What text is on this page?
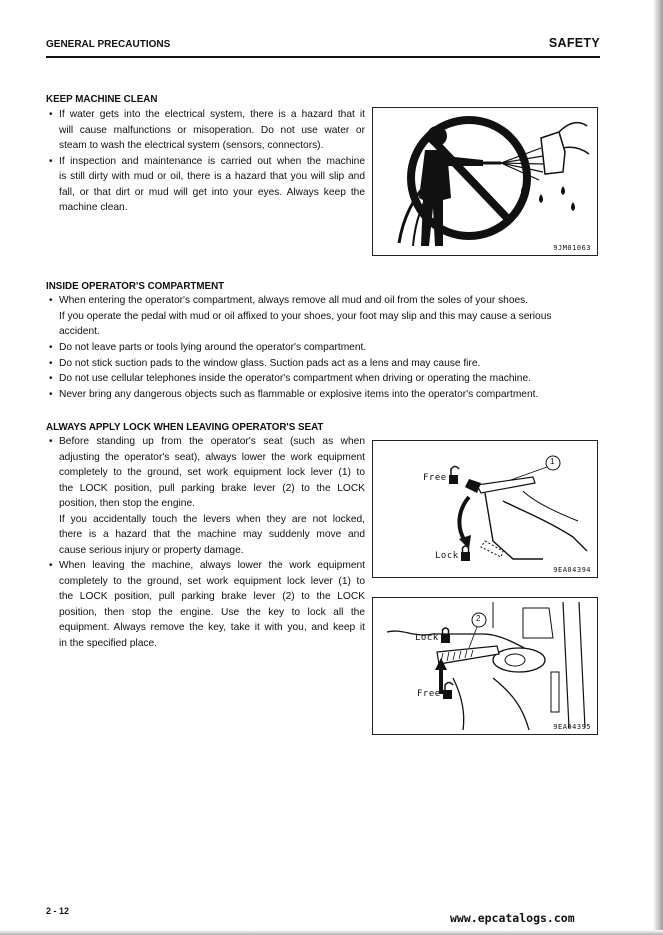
GENERAL PRECAUTIONS	SAFETY
KEEP MACHINE CLEAN
• If water gets into the electrical system, there is a hazard that it
will cause malfunctions or misoperation. Do not use water or
steam to wash the electrical system (sensors, connectors).
• If inspection and maintenance is carried out when the machine
is still dirty with mud or oil, there is a hazard that you will slip and
fall, or that dirt or mud will get into your eyes. Always keep the
machine clean.
9JM01063
INSIDE OPERATOR'S COMPARTMENT
• When entering the operator's compartment, always remove all mud and oil from the soles of your shoes.
If you operate the pedal with mud or oil affixed to your shoes, your foot may slip and this may cause a serious
accident.
• Do not leave parts or tools lying around the operator's compartment.
• Do not stick suction pads to the window glass. Suction pads act as a lens and may cause fire.
• Do not use cellular telephones inside the operator's compartment when driving or operating the machine.
• Never bring any dangerous objects such as flammable or explosive items into the operator's compartment.
ALWAYS APPLY LOCK WHEN LEAVING OPERATOR'S SEAT
• Before standing up from the operator's seat (such as when
adjusting the operator's seat), always lower the work equipment
completely to the ground, set work equipment lock lever (1) to
the LOCK position, pull parking brake lever (2) to the LOCK
position, then stop the engine.
If you accidentally touch the levers when they are not locked,
there is a hazard that the machine may suddenly move and
cause serious injury or property damage.
• When leaving the machine, always lower the work equipment
completely to the ground, set work equipment lock lever (1) to
the LOCK position, pull parking brake lever (2) to the LOCK
position, then stop the engine. Use the key to lock all the
equipment. Always remove the key, take it with you, and keep it
in the specified place.
Free
Lock
1
9EA04394
Lock
Free
2
9EA04395
2 - 12	www.epcatalogs.com
